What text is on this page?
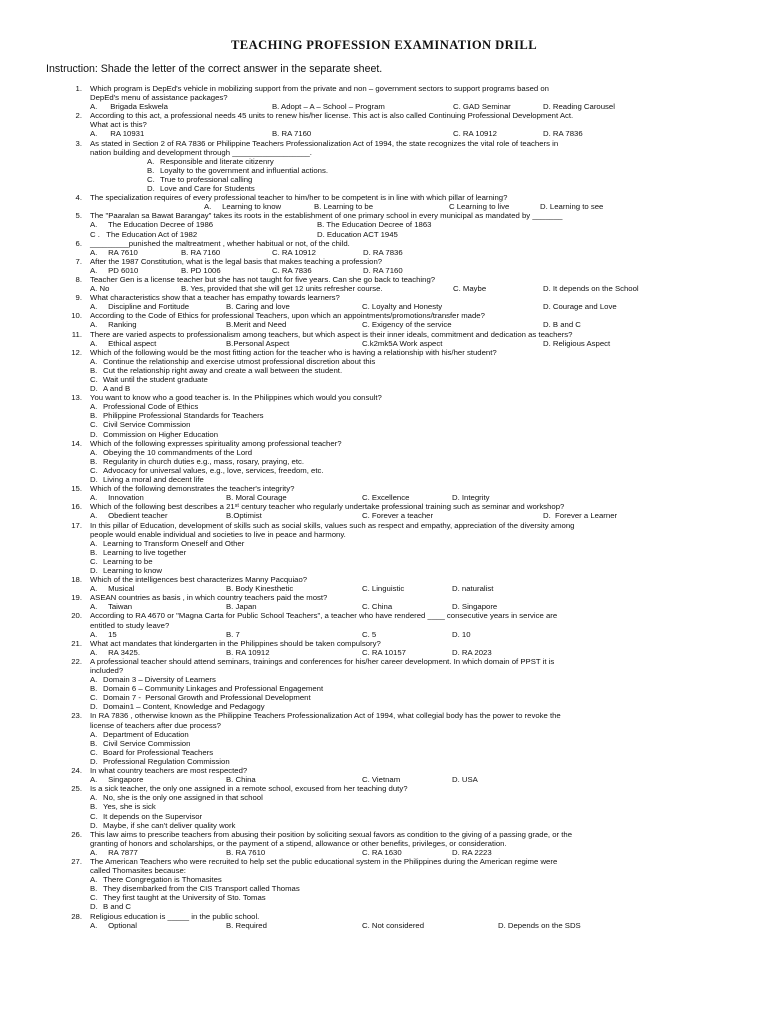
TEACHING PROFESSION EXAMINATION DRILL
Instruction: Shade the letter of the correct answer in the separate sheet.
1. Which program is DepEd's vehicle in mobilizing support from the private and non – government sectors to support programs based on
DepEd's menu of assistance packages?
A.      Brigada Eskwela	B. Adopt – A – School – Program	C. GAD Seminar	D. Reading Carousel
2. According to this act, a professional needs 45 units to renew his/her license. This act is also called Continuing Professional Development Act.
What act is this?
A.      RA 10931	B. RA 7160	C. RA 10912	D. RA 7836
3. As stated in Section 2 of RA 7836 or Philippine Teachers Professionalization Act of 1994, the state recognizes the vital role of teachers in
nation building and development through __________________.
A. Responsible and literate citizenry
B. Loyalty to the government and influential actions.
C. True to professional calling
D. Love and Care for Students
4. The specialization requires of every professional teacher to him/her to be competent is in line with which pillar of learning?
A.     Learning to know	B. Learning to be	C Learning to live	D. Learning to see
5. The "Paaralan sa Bawat Barangay" takes its roots in the establishment of one primary school in every municipal as mandated by _______
A.     The Education Decree of 1986	B. The Education Decree of 1863
C .   The Education Act of 1982	D. Education ACT 1945
6. _________punished the maltreatment , whether habitual or not, of the child.
A.     RA 7610	B. RA 7160	C. RA 10912	D. RA 7836
7. After the 1987 Constitution, what is the legal basis that makes teaching a profession?
A.     PD 6010	B. PD 1006	C. RA 7836	D. RA 7160
8. Teacher Gen is a license teacher but she has not taught for five years. Can she go back to teaching?
A. No	B. Yes, provided that she will get 12 units refresher course.	C. Maybe	D. It depends on the School
9. What characteristics show that a teacher has empathy towards learners?
A.     Discipline and Fortitude	B. Caring and love	C. Loyalty and Honesty	D. Courage and Love
10. According to the Code of Ethics for professional Teachers, upon which an appointments/promotions/transfer made?
A.     Ranking	B.Merit and Need	C. Exigency of the service	D. B and C
11. There are varied aspects to professionalism among teachers, but which aspect is their inner ideals, commitment and dedication as teachers?
A.     Ethical aspect	B.Personal Aspect	C.k2mk5A Work aspect	D. Religious Aspect
12. Which of the following would be the most fitting action for the teacher who is having a relationship with his/her student?
A. Continue the relationship and exercise utmost professional discretion about this
B. Cut the relationship right away and create a wall between the student.
C. Wait until the student graduate
D. A and B
13. You want to know who a good teacher is. In the Philippines which would you consult?
A. Professional Code of Ethics
B. Philippine Professional Standards for Teachers
C. Civil Service Commission
D. Commission on Higher Education
14. Which of the following expresses spirituality among professional teacher?
A. Obeying the 10 commandments of the Lord
B. Regularity in church duties e.g., mass, rosary, praying, etc.
C. Advocacy for universal values, e.g., love, services, freedom, etc.
D. Living a moral and decent life
15. Which of the following demonstrates the teacher's integrity?
A.     Innovation	B. Moral Courage	C. Excellence	D. Integrity
16. Which of the following best describes a 21ˢᵗ century teacher who regularly undertake professional training such as seminar and workshop?
A.     Obedient teacher	B.Optimist	C. Forever a teacher	D.  Forever a Learner
17. In this pillar of Education, development of skills such as social skills, values such as respect and empathy, appreciation of the diversity among
people would enable individual and societies to live in peace and harmony.
A. Learning to Transform Oneself and Other
B. Learning to live together
C. Learning to be
D. Learning to know
18. Which of the intelligences best characterizes Manny Pacquiao?
A.     Musical	B. Body Kinesthetic	C. Linguistic	D. naturalist
19. ASEAN countries as basis , in which country teachers paid the most?
A.     Taiwan	B. Japan	C. China	D. Singapore
20. According to RA 4670 or "Magna Carta for Public School Teachers", a teacher who have rendered ____ consecutive years in service are
entitled to study leave?
A.     15	B. 7	C. 5	D. 10
21. What act mandates that kindergarten in the Philippines should be taken compulsory?
A.     RA 3425.	B. RA 10912	C. RA 10157	D. RA 2023
22. A professional teacher should attend seminars, trainings and conferences for his/her career development. In which domain of PPST it is
included?
A. Domain 3 – Diversity of Learners
B. Domain 6 – Community Linkages and Professional Engagement
C. Domain 7 -  Personal Growth and Professional Development
D. Domain1 – Content, Knowledge and Pedagogy
23. In RA 7836 , otherwise known as the Philippine Teachers Professionalization Act of 1994, what collegial body has the power to revoke the
license of teachers after due process?
A. Department of Education
B. Civil Service Commission
C. Board for Professional Teachers
D. Professional Regulation Commission
24. In what country teachers are most respected?
A.     Singapore	B. China	C. Vietnam	D. USA
25. Is a sick teacher, the only one assigned in a remote school, excused from her teaching duty?
A. No, she is the only one assigned in that school
B. Yes, she is sick
C. It depends on the Supervisor
D. Maybe, if she can't deliver quality work
26. This law aims to prescribe teachers from abusing their position by soliciting sexual favors as condition to the giving of a passing grade, or the
granting of honors and scholarships, or the payment of a stipend, allowance or other benefits, privileges, or consideration.
A.     RA 7877	B. RA 7610	C. RA 1630	D. RA 2223
27. The American Teachers who were recruited to help set the public educational system in the Philippines during the American regime were
called Thomasites because:
A. There Congregation is Thomasites
B. They disembarked from the CIS Transport called Thomas
C. They first taught at the University of Sto. Tomas
D. B and C
28. Religious education is _____ in the public school.
A.     Optional	B. Required	C. Not considered	D. Depends on the SDS
